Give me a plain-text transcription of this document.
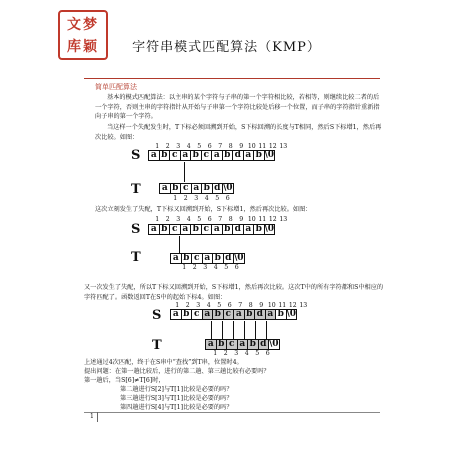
文梦
库颖	字符串模式匹配算法（KMP）
简单匹配算法
基本的模式匹配算法：以主串的某个字符与子串的第一个字符相比较，若相等，则继续比较二者的后一个字符，否则主串的字符指针从开始与子串第一个字符比较处后移一个位置，而子串的字符指针重新指向子串的第一个字符。
当这样一个失配发生时，T下标必须回溯到开始，S下标回溯的长度与T相同，然后S下标增1，然后再次比较。如图：
1	2	3	4	5	6	7	8	9 10 11 12 13
S	a b c a b c a b d a b \0
T	a b c a b d \0
1	2	3	4	5	6
这次立刻发生了失配，T下标又回溯到开始，S下标增1，然后再次比较。如图：
1	2	3	4	5	6	7	8	9 10 11 12 13
S	a b c a b c a b d a b \0
T	a b c a b d \0
1	2	3	4	5	6
又一次发生了失配，所以T下标又回溯到开始，S下标增1，然后再次比较。这次T中的所有字符都和S中相应的字符匹配了。函数返回T在S中的起始下标4。如图：
1	2	3	4	5	6	7	8	9 10 11 12 13
S	a b c a b c a b d a b \0
T	a b c a b d \0
1	2	3	4	5	6
上述通过4次匹配，终于在S串中“查找”到T串，位置时4。
提出问题：在第一趟比较后，进行的第二趟、第三趟比较有必要吗？
第一趟后，当S[6]≠T[6]时，
第二趟进行S[2]与T[1]比较是必要的吗？
第三趟进行S[3]与T[1]比较是必要的吗？
第四趟进行S[4]与T[1]比较是必要的吗？
1
